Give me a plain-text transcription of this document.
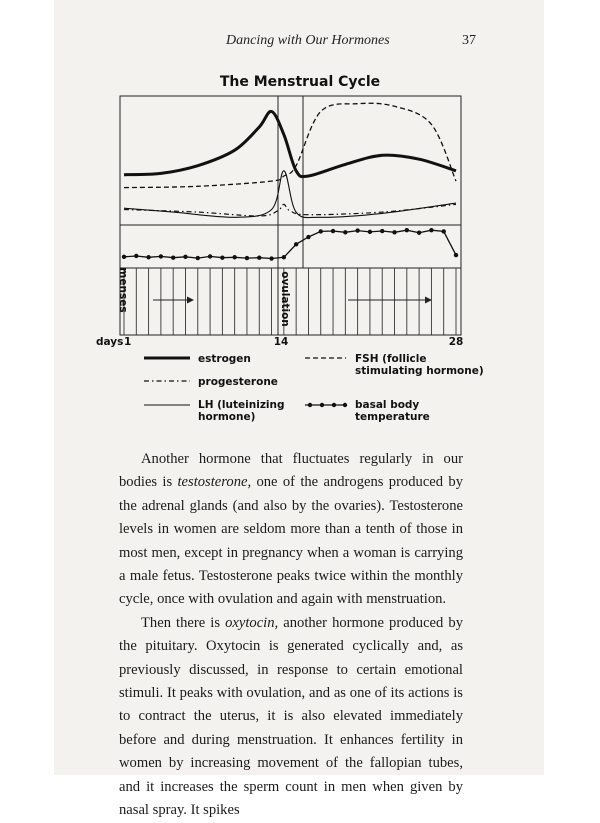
Dancing with Our Hormones	37
The Menstrual Cycle
menses	ovulation
days 1	14	28
estrogen	FSH (follicle
stimulating hormone)
progesterone
LH (luteinizing
hormone)
basal body
temperature

Another hormone that fluctuates regularly in our bodies is testosterone, one of the androgens produced by the adrenal glands (and also by the ovaries). Testosterone levels in women are seldom more than a tenth of those in most men, except in pregnancy when a woman is carrying a male fetus. Testosterone peaks twice within the monthly cycle, once with ovulation and again with menstruation.

Then there is oxytocin, another hormone produced by the pituitary. Oxytocin is generated cyclically and, as previously discussed, in response to certain emotional stimuli. It peaks with ovulation, and as one of its actions is to contract the uterus, it is also elevated immediately before and during menstruation. It enhances fertility in women by increasing movement of the fallopian tubes, and it increases the sperm count in men when given by nasal spray. It spikes
